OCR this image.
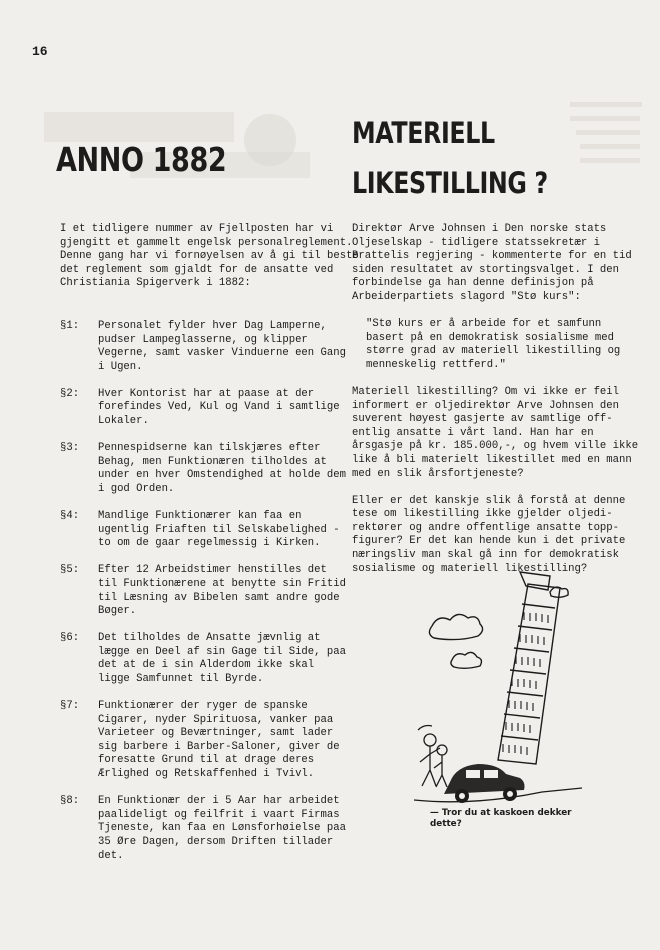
16
ANNO 1882
MATERIELL
LIKESTILLING ?
I et tidligere nummer av Fjellposten har vi gjengitt et gammelt engelsk personalreglement. Denne gang har vi fornøyelsen av å gi til beste det reglement som gjaldt for de ansatte ved Christiania Spigerverk i 1882:
§1:	Personalet fylder hver Dag Lamperne, pudser Lampeglasserne, og klipper Vegerne, samt vasker Vinduerne een Gang i Ugen.
§2:	Hver Kontorist har at paase at der forefindes Ved, Kul og Vand i samtlige Lokaler.
§3:	Pennespidserne kan tilskjæres efter Behag, men Funktionæren tilholdes at under en hver Omstendighed at holde dem i god Orden.
§4:	Mandlige Funktionærer kan faa en ugentlig Friaften til Selskabelighed - to om de gaar regelmessig i Kirken.
§5:	Efter 12 Arbeidstimer henstilles det til Funktionærene at benytte sin Fritid til Læsning av Bibelen samt andre gode Bøger.
§6:	Det tilholdes de Ansatte jævnlig at lægge en Deel af sin Gage til Side, paa det at de i sin Alderdom ikke skal ligge Samfunnet til Byrde.
§7:	Funktionærer der ryger de spanske Cigarer, nyder Spirituosa, vanker paa Varieteer og Beværtninger, samt lader sig barbere i Barber-Saloner, giver de foresatte Grund til at drage deres Ærlighed og Retskaffenhed i Tvivl.
§8:	En Funktionær der i 5 Aar har arbeidet paalideligt og feilfrit i vaart Firmas Tjeneste, kan faa en Lønsforhøielse paa 35 Øre Dagen, dersom Driften tillader det.

Direktør Arve Johnsen i Den norske stats Oljeselskap - tidligere statssekretær i Brattelis regjering - kommenterte for en tid siden resultatet av stortingsvalget. I den forbindelse ga han denne definisjon på Arbeiderpartiets slagord "Stø kurs":

"Stø kurs er å arbeide for et samfunn basert på en demokratisk sosialisme med større grad av materiell likestilling og menneskelig rettferd."

Materiell likestilling? Om vi ikke er feil informert er oljedirektør Arve Johnsen den suverent høyest gasjerte av samtlige offentlig ansatte i vårt land. Han har en årsgasje på kr. 185.000,-, og hvem ville ikke like å bli materielt likestillet med en mann med en slik årsfortjeneste?

Eller er det kanskje slik å forstå at denne tese om likestilling ikke gjelder oljedirektører og andre offentlige ansatte toppfigurer? Er det kan hende kun i det private næringsliv man skal gå inn for demokratisk sosialisme og materiell likestilling?

— Tror du at kaskoen dekker dette?
